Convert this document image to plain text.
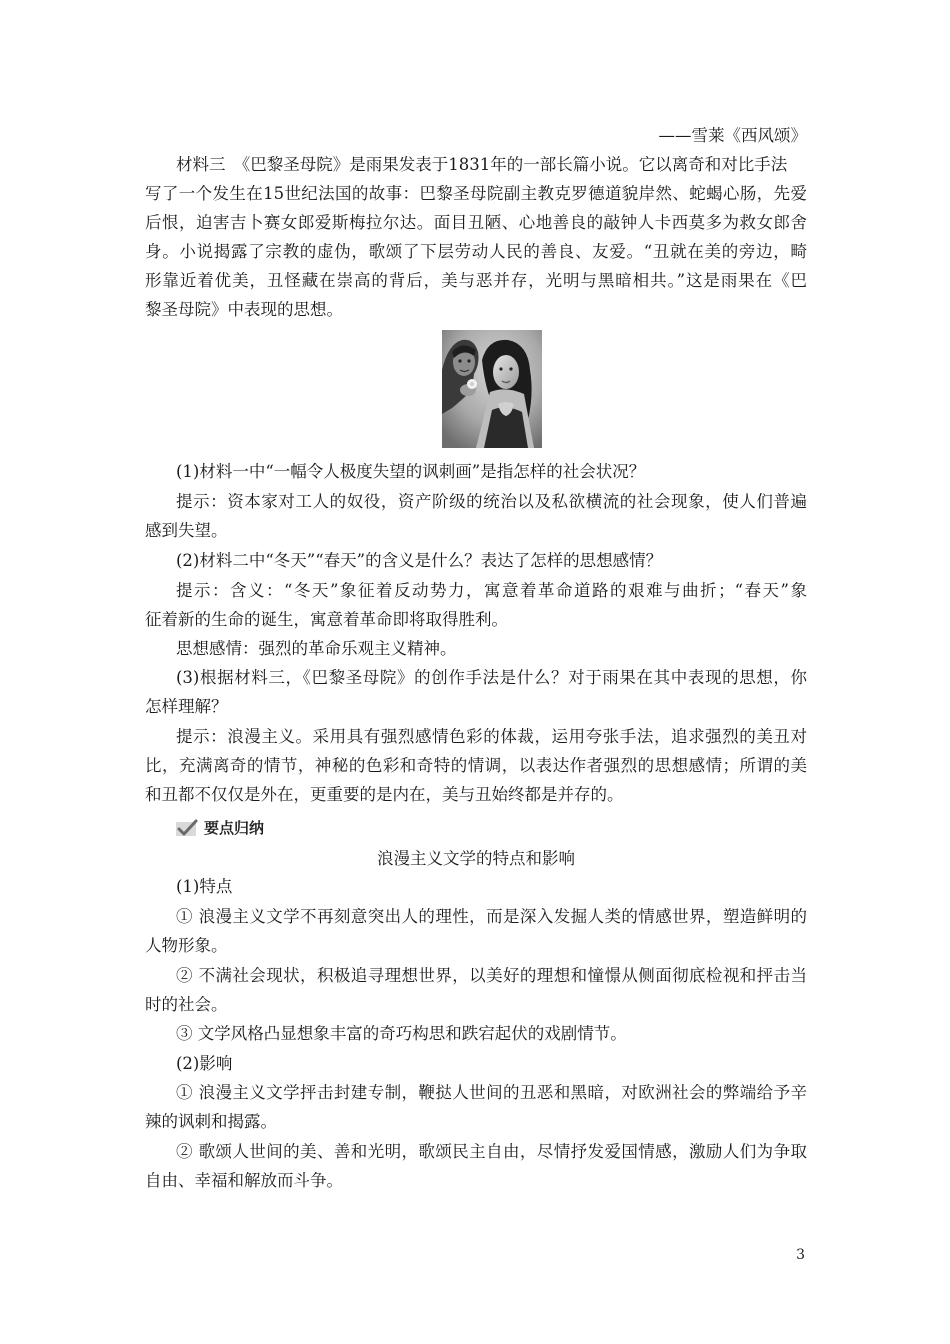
——雪莱《西风颂》
材料三　《巴黎圣母院》是雨果发表于1831年的一部长篇小说。它以离奇和对比手法
写了一个发生在15世纪法国的故事：巴黎圣母院副主教克罗德道貌岸然、蛇蝎心肠，先爱
后恨，迫害吉卜赛女郎爱斯梅拉尔达。面目丑陋、心地善良的敲钟人卡西莫多为救女郎舍
身。小说揭露了宗教的虚伪，歌颂了下层劳动人民的善良、友爱。“丑就在美的旁边，畸
形靠近着优美，丑怪藏在崇高的背后，美与恶并存，光明与黑暗相共。”这是雨果在《巴
黎圣母院》中表现的思想。
(1)材料一中“一幅令人极度失望的讽刺画”是指怎样的社会状况？
提示：资本家对工人的奴役，资产阶级的统治以及私欲横流的社会现象，使人们普遍
感到失望。
(2)材料二中“冬天”“春天”的含义是什么？表达了怎样的思想感情？
提示：含义：“冬天”象征着反动势力，寓意着革命道路的艰难与曲折；“春天”象
征着新的生命的诞生，寓意着革命即将取得胜利。
思想感情：强烈的革命乐观主义精神。
(3)根据材料三，《巴黎圣母院》的创作手法是什么？对于雨果在其中表现的思想，你
怎样理解？
提示：浪漫主义。采用具有强烈感情色彩的体裁，运用夸张手法，追求强烈的美丑对
比，充满离奇的情节，神秘的色彩和奇特的情调，以表达作者强烈的思想感情；所谓的美
和丑都不仅仅是外在，更重要的是内在，美与丑始终都是并存的。
要点归纳
浪漫主义文学的特点和影响
(1)特点
① 浪漫主义文学不再刻意突出人的理性，而是深入发掘人类的情感世界，塑造鲜明的
人物形象。
② 不满社会现状，积极追寻理想世界，以美好的理想和憧憬从侧面彻底检视和抨击当
时的社会。
③ 文学风格凸显想象丰富的奇巧构思和跌宕起伏的戏剧情节。
(2)影响
① 浪漫主义文学抨击封建专制，鞭挞人世间的丑恶和黑暗，对欧洲社会的弊端给予辛
辣的讽刺和揭露。
② 歌颂人世间的美、善和光明，歌颂民主自由，尽情抒发爱国情感，激励人们为争取
自由、幸福和解放而斗争。
3
